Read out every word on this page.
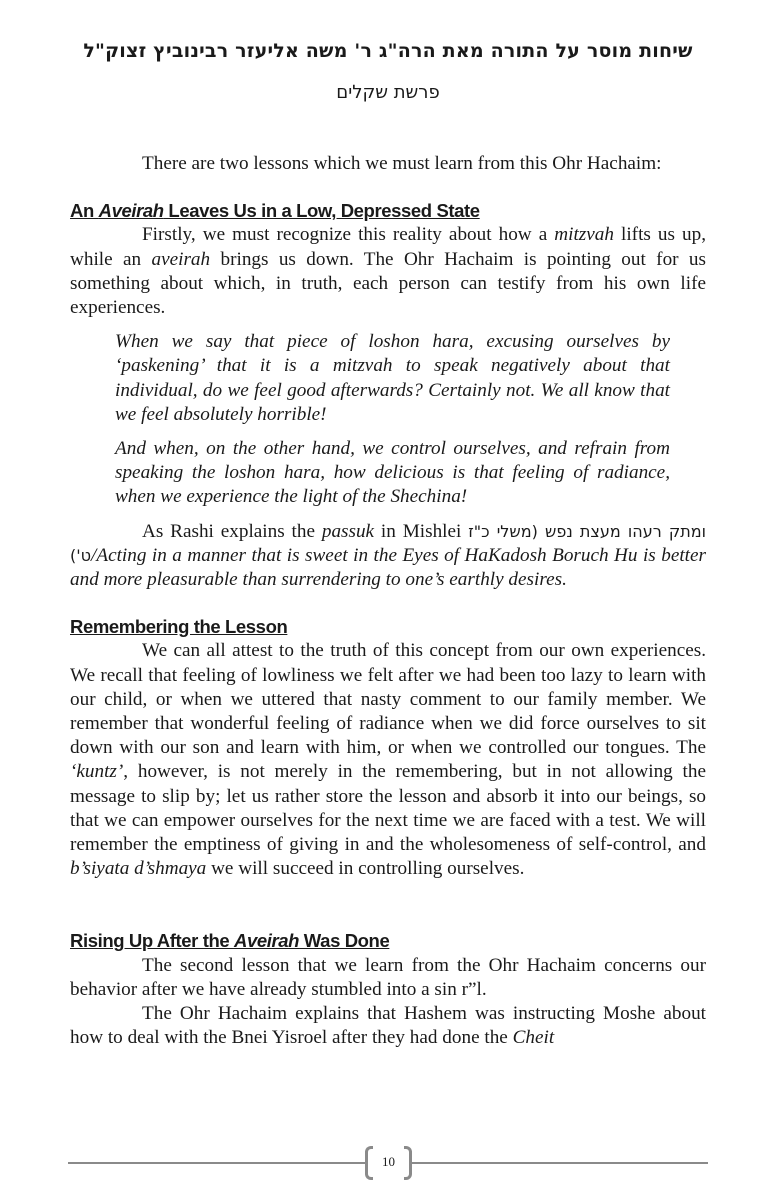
שיחות מוסר על התורה מאת הרה"ג ר' משה אליעזר רבינוביץ זצוק"ל
פרשת שקלים

There are two lessons which we must learn from this Ohr Hachaim:

An Aveirah Leaves Us in a Low, Depressed State

Firstly, we must recognize this reality about how a mitzvah lifts us up, while an aveirah brings us down. The Ohr Hachaim is pointing out for us something about which, in truth, each person can testify from his own life experiences.

When we say that piece of loshon hara, excusing ourselves by ‘paskening’ that it is a mitzvah to speak negatively about that individual, do we feel good afterwards? Certainly not. We all know that we feel absolutely horrible!

And when, on the other hand, we control ourselves, and refrain from speaking the loshon hara, how delicious is that feeling of radiance, when we experience the light of the Shechina!

As Rashi explains the passuk in Mishlei ומתק רעהו מעצת נפש (משלי כ"ז ט')/Acting in a manner that is sweet in the Eyes of HaKadosh Boruch Hu is better and more pleasurable than surrendering to one’s earthly desires.

Remembering the Lesson

We can all attest to the truth of this concept from our own experiences. We recall that feeling of lowliness we felt after we had been too lazy to learn with our child, or when we uttered that nasty comment to our family member. We remember that wonderful feeling of radiance when we did force ourselves to sit down with our son and learn with him, or when we controlled our tongues. The ‘kuntz’, however, is not merely in the remembering, but in not allowing the message to slip by; let us rather store the lesson and absorb it into our beings, so that we can empower ourselves for the next time we are faced with a test. We will remember the emptiness of giving in and the wholesomeness of self-control, and b’siyata d’shmaya we will succeed in controlling ourselves.

Rising Up After the Aveirah Was Done

The second lesson that we learn from the Ohr Hachaim concerns our behavior after we have already stumbled into a sin r”l.

The Ohr Hachaim explains that Hashem was instructing Moshe about how to deal with the Bnei Yisroel after they had done the Cheit

10
